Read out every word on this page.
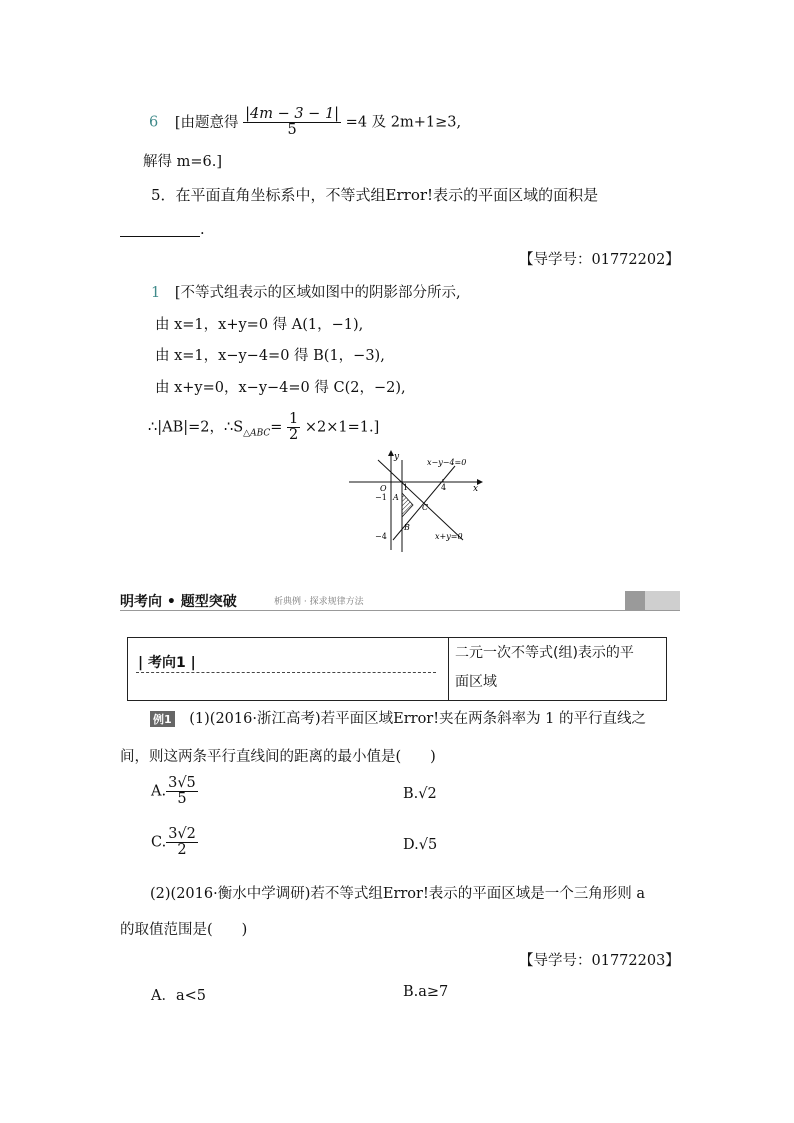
6 [由题意得 $\frac{|4m - 3 - 1|}{5} =4$ 及 2m+1≥3,
解得 m=6.]
5．在平面直角坐标系中，不等式组Error!表示的平面区域的面积是
.
【导学号：01772202】
1 [不等式组表示的区域如图中的阴影部分所示,
由 x=1，x+y=0 得 A(1，−1),
由 x=1，x−y−4=0 得 B(1，−3),
由 x+y=0，x−y−4=0 得 C(2，−2),
∴|AB|=2，$\therefore S_{\triangle ABC}= \frac{1}{2} \times 2\times 1=1$.]
y
x
x−y−4=0
x+y=0
O 1	4
−1
−4
A
B
C
明考向 • 题型突破	析典例 · 探求规律方法
| 考向1 |
二元一次不等式(组)表示的平
面区域
例1 (1)(2016·浙江高考)若平面区域Error!夹在两条斜率为 1 的平行直线之
间，则这两条平行直线间的距离的最小值是(　　)
A. $\frac{3√5}{5}$	B.√2
C. $\frac{3√2}{2}$	D.√5
(2)(2016·衡水中学调研)若不等式组Error!表示的平面区域是一个三角形则 a
的取值范围是(　　)
【导学号：01772203】
A．a<5	B.a≥7
